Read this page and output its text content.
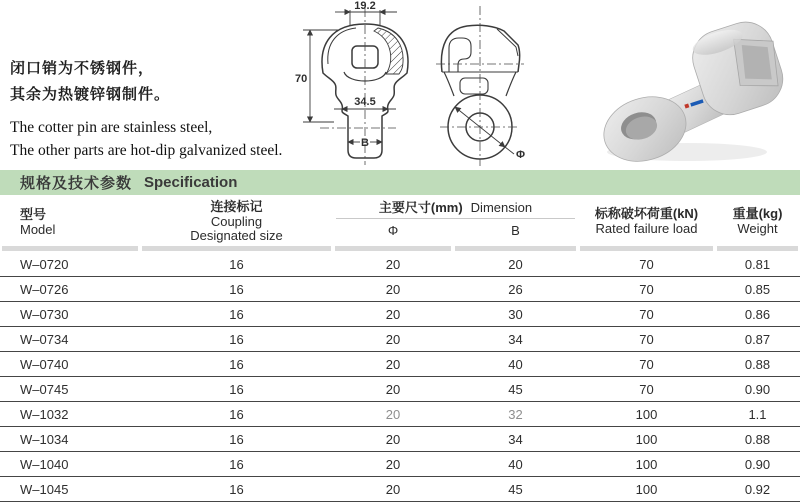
闭口销为不锈钢件，
其余为热镀锌钢制件。
The cotter pin are stainless steel,
The other parts are hot-dip galvanized steel.
19.2
70
34.5
B
Φ
规格及技术参数 Specification
型号
Model
连接标记
Coupling
Designated size
主要尺寸(mm) Dimension
Φ	B
标称破坏荷重(kN)
Rated failure load
重量(kg)
Weight
W–0720	16	20	20	70	0.81
W–0726	16	20	26	70	0.85
W–0730	16	20	30	70	0.86
W–0734	16	20	34	70	0.87
W–0740	16	20	40	70	0.88
W–0745	16	20	45	70	0.90
W–1032	16	20	32	100	1.1
W–1034	16	20	34	100	0.88
W–1040	16	20	40	100	0.90
W–1045	16	20	45	100	0.92
